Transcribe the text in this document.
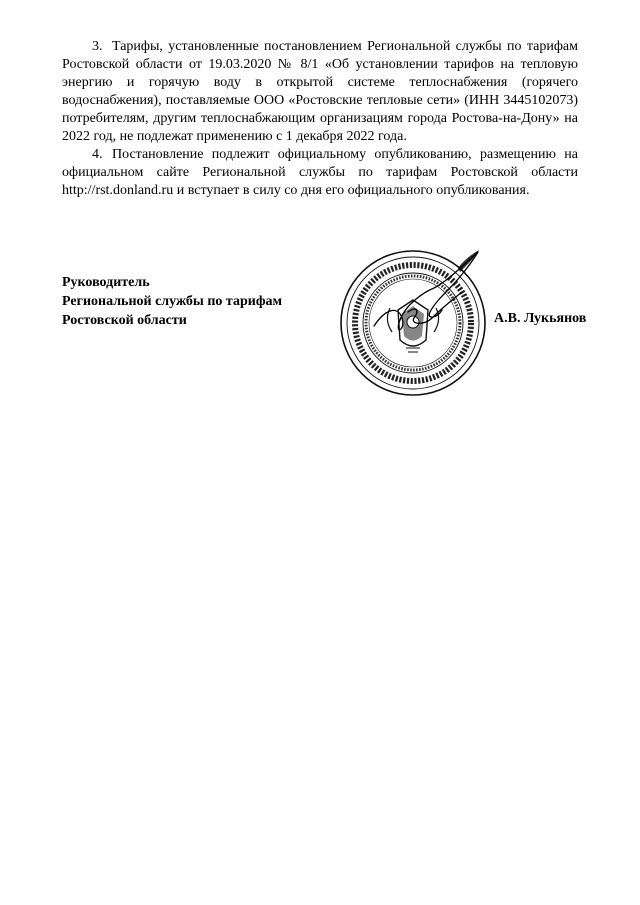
3. Тарифы, установленные постановлением Региональной службы по тарифам Ростовской области от 19.03.2020 № 8/1 «Об установлении тарифов на тепловую энергию и горячую воду в открытой системе теплоснабжения (горячего водоснабжения), поставляемые ООО «Ростовские тепловые сети» (ИНН 3445102073) потребителям, другим теплоснабжающим организациям города Ростова-на-Дону» на 2022 год, не подлежат применению с 1 декабря 2022 года.

4. Постановление подлежит официальному опубликованию, размещению на официальном сайте Региональной службы по тарифам Ростовской области http://rst.donland.ru и вступает в силу со дня его официального опубликования.

Руководитель
Региональной службы по тарифам
Ростовской области	А.В. Лукьянов
